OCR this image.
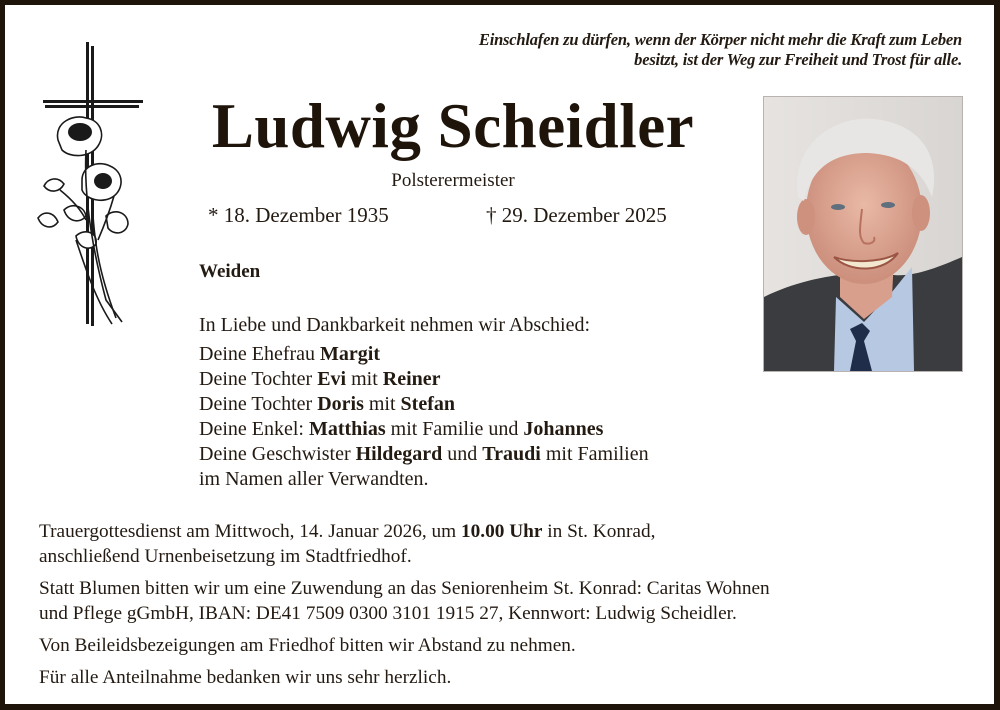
Einschlafen zu dürfen, wenn der Körper nicht mehr die Kraft zum Leben
besitzt, ist der Weg zur Freiheit und Trost für alle.
Ludwig Scheidler
Polsterermeister
* 18. Dezember 1935	† 29. Dezember 2025
Weiden
In Liebe und Dankbarkeit nehmen wir Abschied:
Deine Ehefrau Margit
Deine Tochter Evi mit Reiner
Deine Tochter Doris mit Stefan
Deine Enkel: Matthias mit Familie und Johannes
Deine Geschwister Hildegard und Traudi mit Familien
im Namen aller Verwandten.

Trauergottesdienst am Mittwoch, 14. Januar 2026, um 10.00 Uhr in St. Konrad,
anschließend Urnenbeisetzung im Stadtfriedhof.

Statt Blumen bitten wir um eine Zuwendung an das Seniorenheim St. Konrad: Caritas Wohnen
und Pflege gGmbH, IBAN: DE41 7509 0300 3101 1915 27, Kennwort: Ludwig Scheidler.

Von Beileidsbezeigungen am Friedhof bitten wir Abstand zu nehmen.

Für alle Anteilnahme bedanken wir uns sehr herzlich.
